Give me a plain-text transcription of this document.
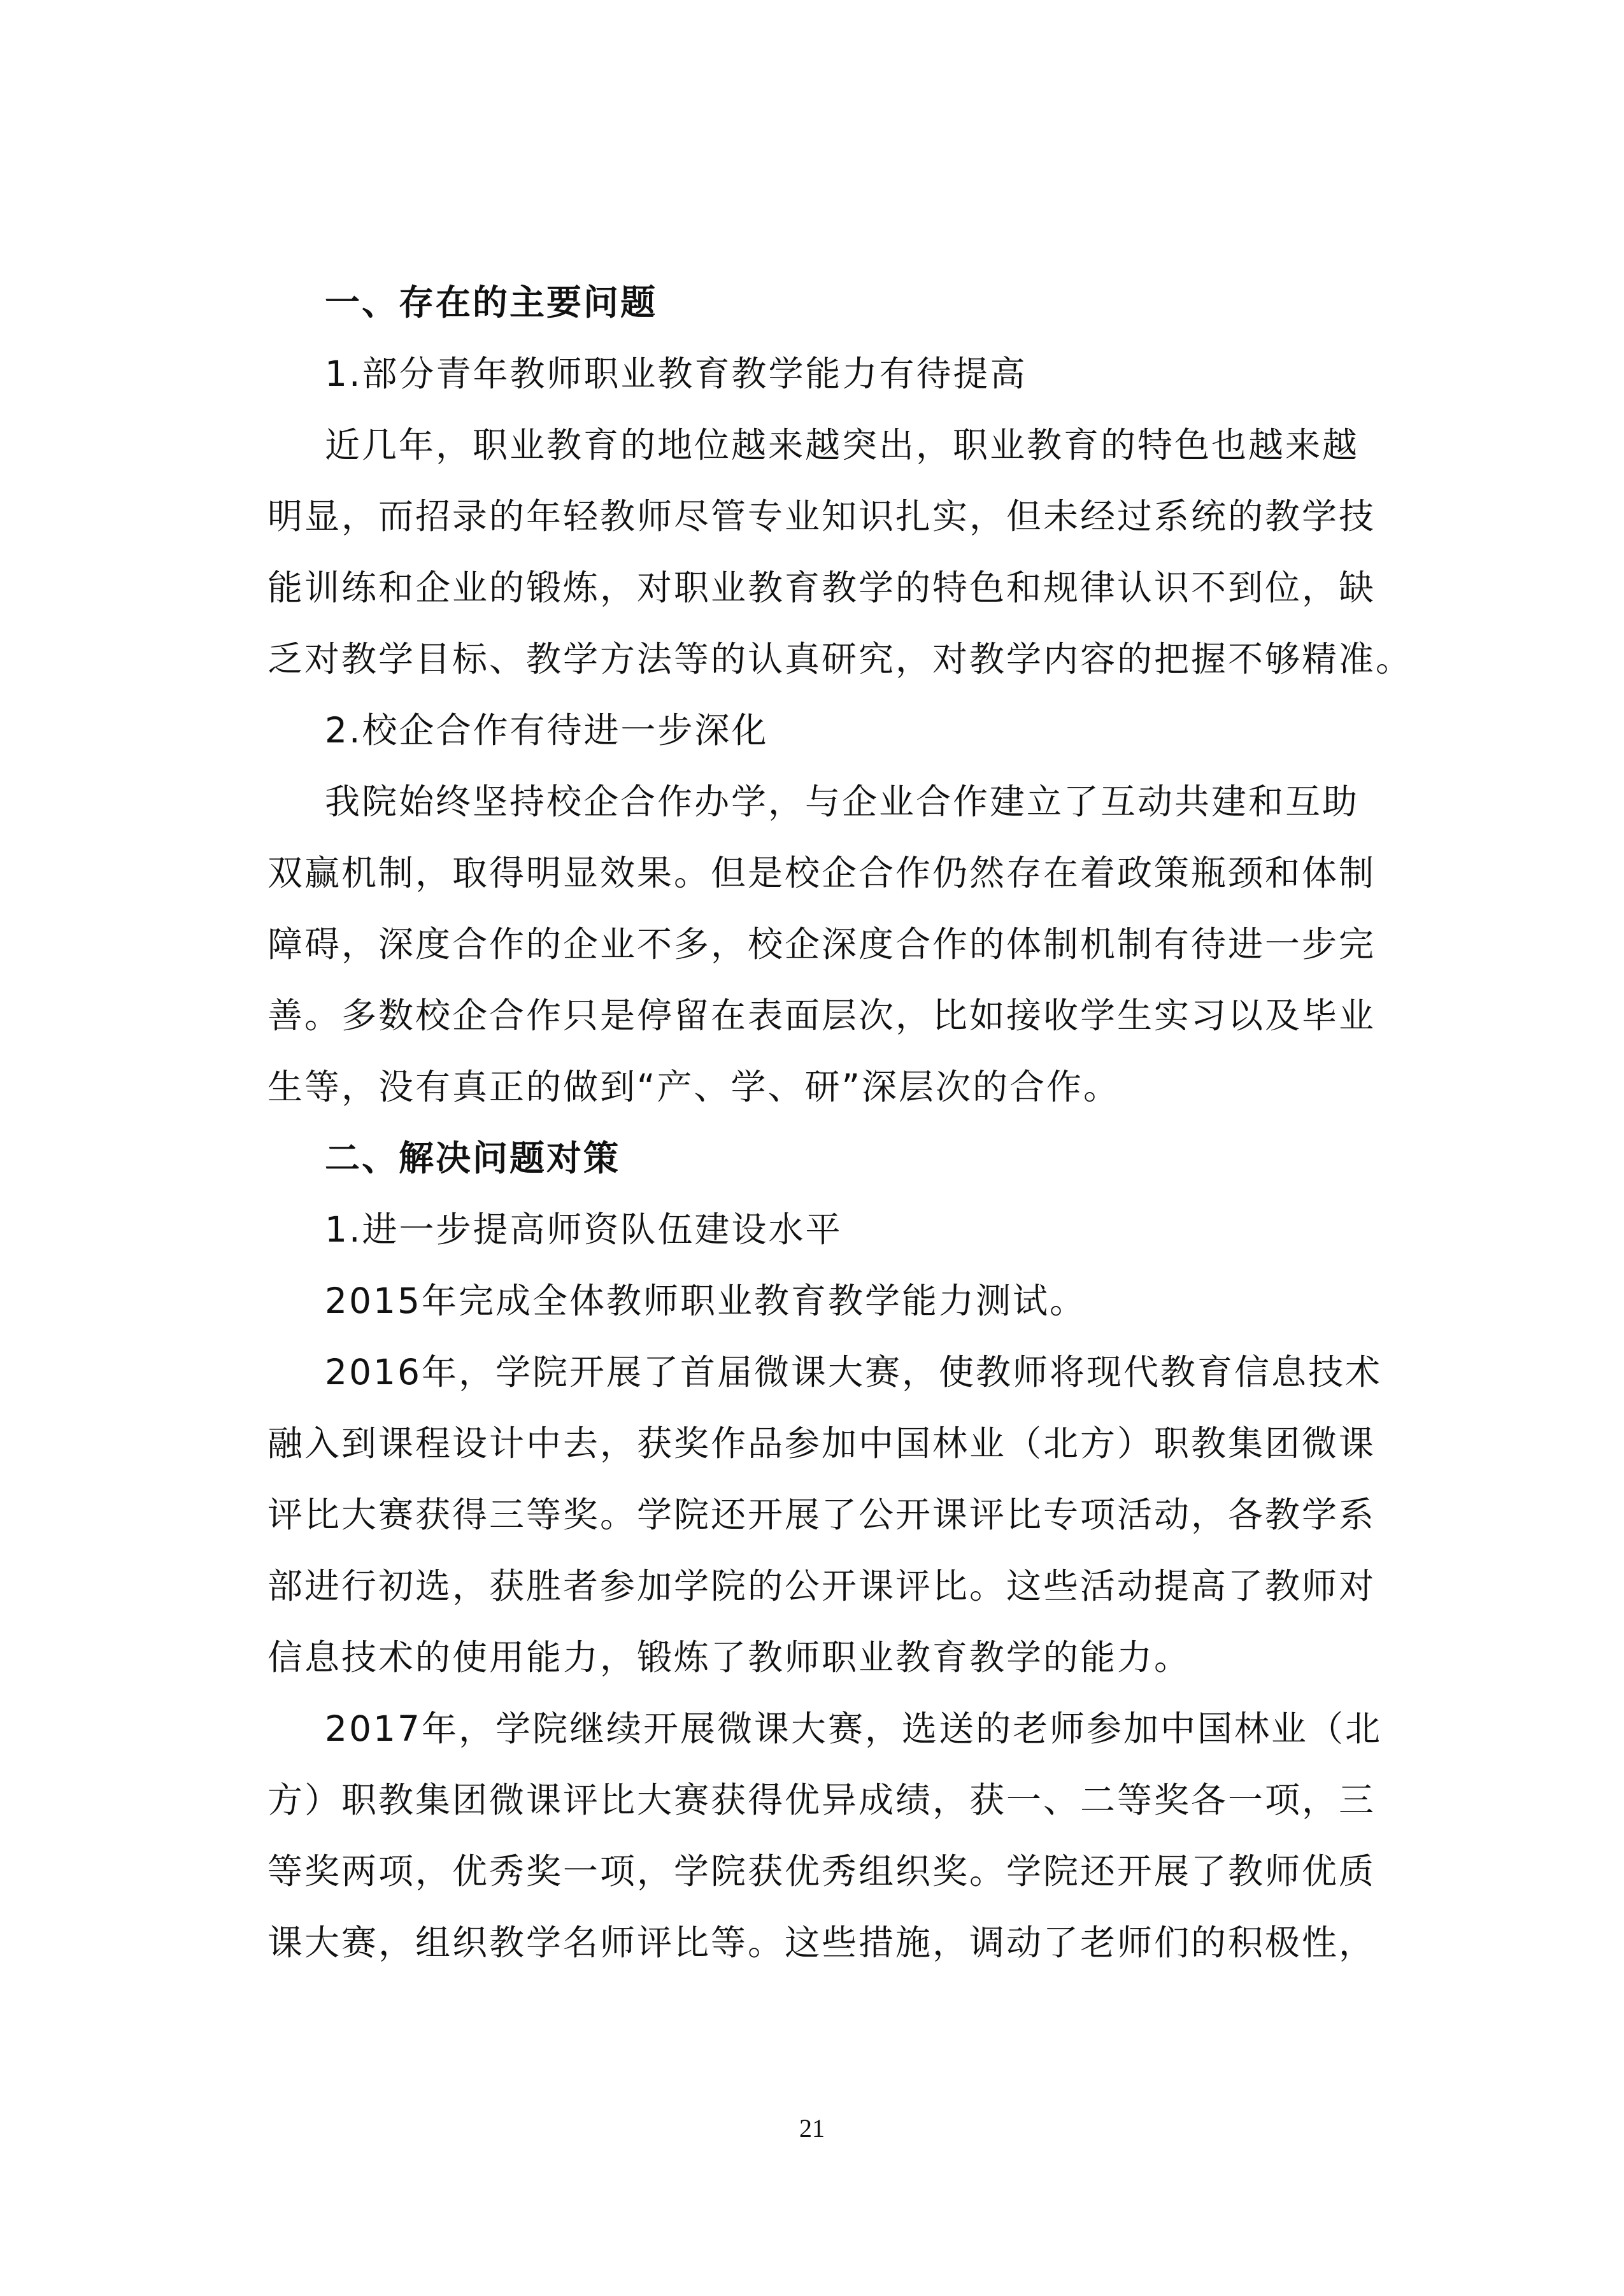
一、存在的主要问题
1.部分青年教师职业教育教学能力有待提高
近几年，职业教育的地位越来越突出，职业教育的特色也越来越
明显，而招录的年轻教师尽管专业知识扎实，但未经过系统的教学技
能训练和企业的锻炼，对职业教育教学的特色和规律认识不到位，缺
乏对教学目标、教学方法等的认真研究，对教学内容的把握不够精准。
2.校企合作有待进一步深化
我院始终坚持校企合作办学，与企业合作建立了互动共建和互助
双赢机制，取得明显效果。但是校企合作仍然存在着政策瓶颈和体制
障碍，深度合作的企业不多，校企深度合作的体制机制有待进一步完
善。多数校企合作只是停留在表面层次，比如接收学生实习以及毕业
生等，没有真正的做到“产、学、研”深层次的合作。
二、解决问题对策
1.进一步提高师资队伍建设水平
2015年完成全体教师职业教育教学能力测试。
2016年，学院开展了首届微课大赛，使教师将现代教育信息技术
融入到课程设计中去，获奖作品参加中国林业（北方）职教集团微课
评比大赛获得三等奖。学院还开展了公开课评比专项活动，各教学系
部进行初选，获胜者参加学院的公开课评比。这些活动提高了教师对
信息技术的使用能力，锻炼了教师职业教育教学的能力。
2017年，学院继续开展微课大赛，选送的老师参加中国林业（北
方）职教集团微课评比大赛获得优异成绩，获一、二等奖各一项，三
等奖两项，优秀奖一项，学院获优秀组织奖。学院还开展了教师优质
课大赛，组织教学名师评比等。这些措施，调动了老师们的积极性，
21
